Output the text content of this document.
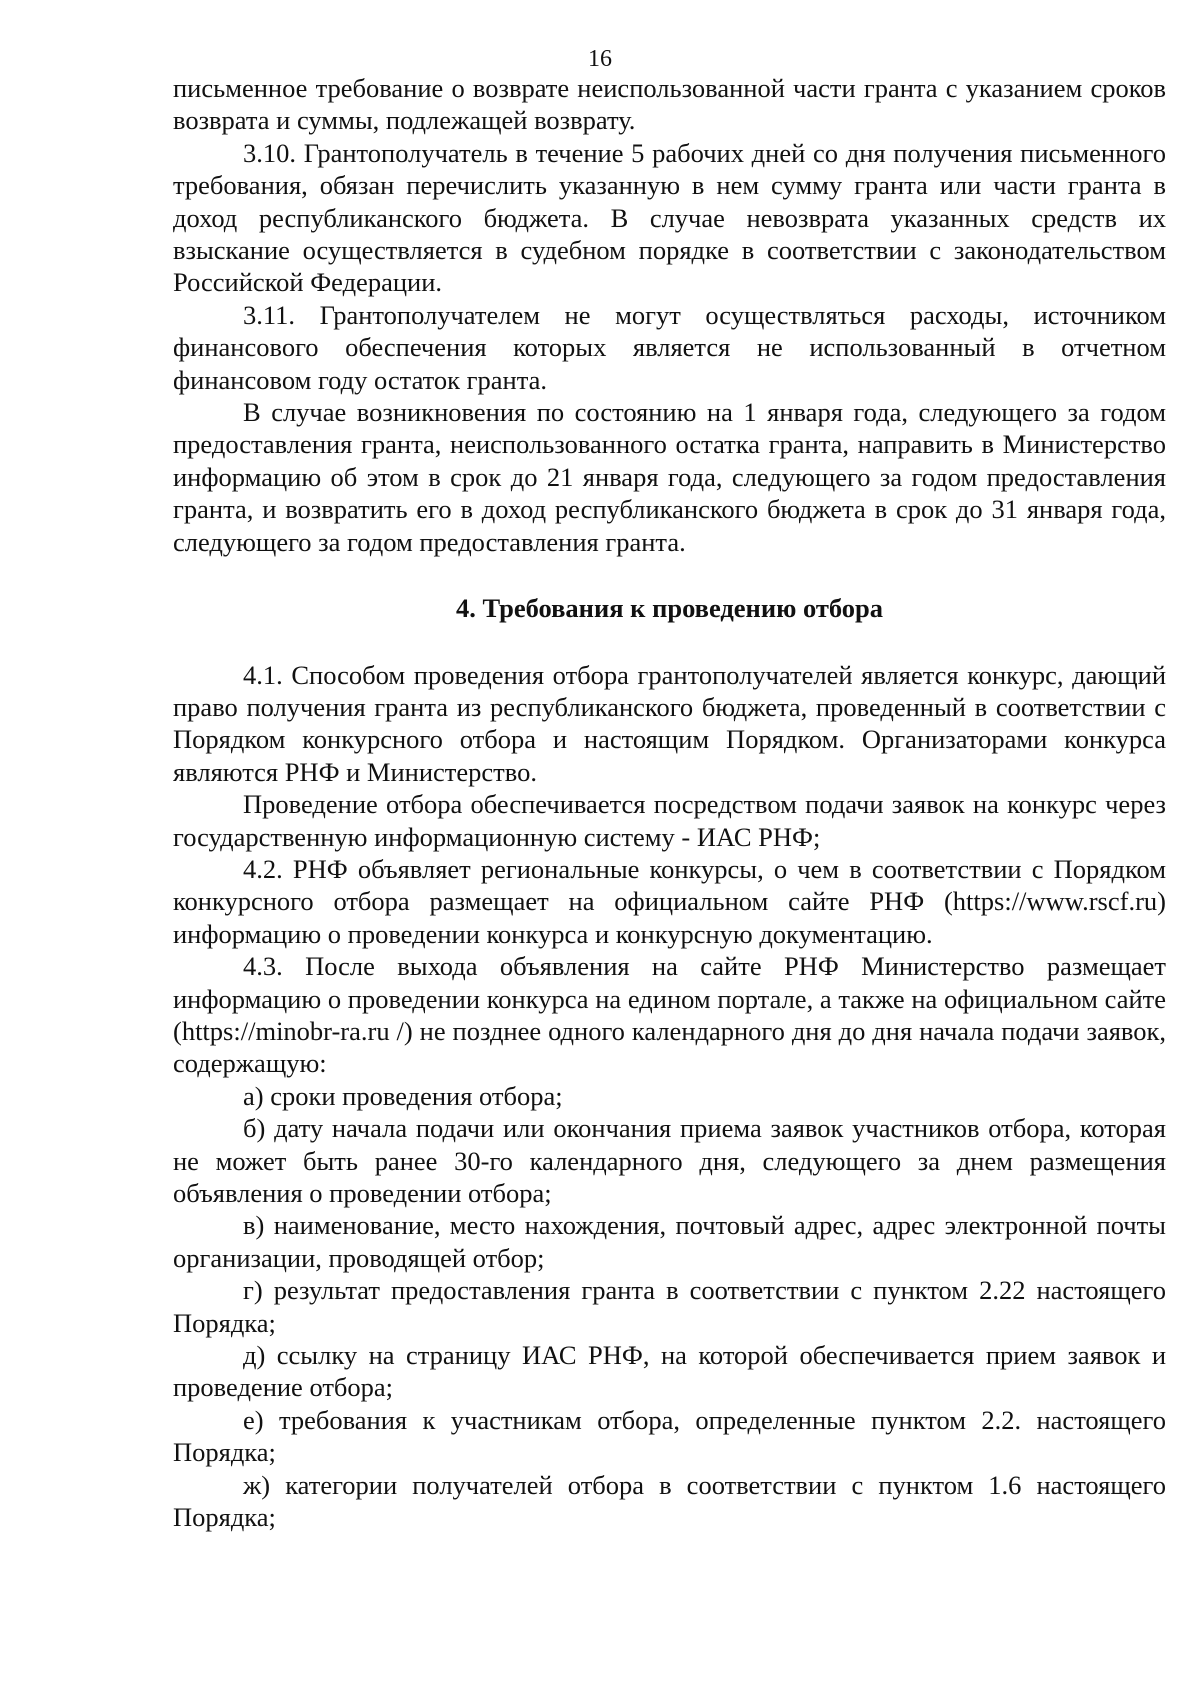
16

письменное требование о возврате неиспользованной части гранта с указанием сроков возврата и суммы, подлежащей возврату.

3.10. Грантополучатель в течение 5 рабочих дней со дня получения письменного требования, обязан перечислить указанную в нем сумму гранта или части гранта в доход республиканского бюджета. В случае невозврата указанных средств их взыскание осуществляется в судебном порядке в соответствии с законодательством Российской Федерации.

3.11. Грантополучателем не могут осуществляться расходы, источником финансового обеспечения которых является не использованный в отчетном финансовом году остаток гранта.

В случае возникновения по состоянию на 1 января года, следующего за годом предоставления гранта, неиспользованного остатка гранта, направить в Министерство информацию об этом в срок до 21 января года, следующего за годом предоставления гранта, и возвратить его в доход республиканского бюджета в срок до 31 января года, следующего за годом предоставления гранта.

4. Требования к проведению отбора

4.1. Способом проведения отбора грантополучателей является конкурс, дающий право получения гранта из республиканского бюджета, проведенный в соответствии с Порядком конкурсного отбора и настоящим Порядком. Организаторами конкурса являются РНФ и Министерство.

Проведение отбора обеспечивается посредством подачи заявок на конкурс через государственную информационную систему - ИАС РНФ;

4.2. РНФ объявляет региональные конкурсы, о чем в соответствии с Порядком конкурсного отбора размещает на официальном сайте РНФ (https://www.rscf.ru) информацию о проведении конкурса и конкурсную документацию.

4.3. После выхода объявления на сайте РНФ Министерство размещает информацию о проведении конкурса на едином портале, а также на официальном сайте (https://minobr-ra.ru /) не позднее одного календарного дня до дня начала подачи заявок, содержащую:

а) сроки проведения отбора;

б) дату начала подачи или окончания приема заявок участников отбора, которая не может быть ранее 30-го календарного дня, следующего за днем размещения объявления о проведении отбора;

в) наименование, место нахождения, почтовый адрес, адрес электронной почты организации, проводящей отбор;

г) результат предоставления гранта в соответствии с пунктом 2.22 настоящего Порядка;

д) ссылку на страницу ИАС РНФ, на которой обеспечивается прием заявок и проведение отбора;

е) требования к участникам отбора, определенные пунктом 2.2. настоящего Порядка;

ж) категории получателей отбора в соответствии с пунктом 1.6 настоящего Порядка;
